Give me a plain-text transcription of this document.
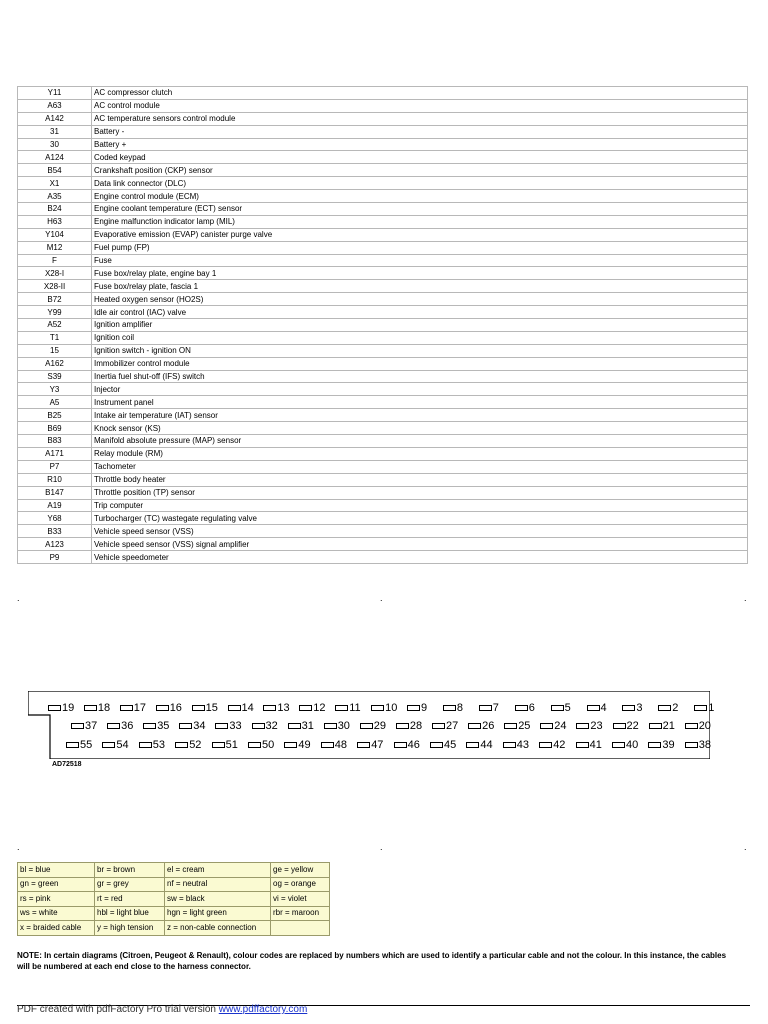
Y11	AC compressor clutch
A63	AC control module
A142	AC temperature sensors control module
31	Battery -
30	Battery +
A124	Coded keypad
B54	Crankshaft position (CKP) sensor
X1	Data link connector (DLC)
A35	Engine control module (ECM)
B24	Engine coolant temperature (ECT) sensor
H63	Engine malfunction indicator lamp (MIL)
Y104	Evaporative emission (EVAP) canister purge valve
M12	Fuel pump (FP)
F	Fuse
X28-I	Fuse box/relay plate, engine bay 1
X28-II	Fuse box/relay plate, fascia 1
B72	Heated oxygen sensor (HO2S)
Y99	Idle air control (IAC) valve
A52	Ignition amplifier
T1	Ignition coil
15	Ignition switch - ignition ON
A162	Immobilizer control module
S39	Inertia fuel shut-off (IFS) switch
Y3	Injector
A5	Instrument panel
B25	Intake air temperature (IAT) sensor
B69	Knock sensor (KS)
B83	Manifold absolute pressure (MAP) sensor
A171	Relay module (RM)
P7	Tachometer
R10	Throttle body heater
B147	Throttle position (TP) sensor
A19	Trip computer
Y68	Turbocharger (TC) wastegate regulating valve
B33	Vehicle speed sensor (VSS)
A123	Vehicle speed sensor (VSS) signal amplifier
P9	Vehicle speedometer
.	.	.
19 18 17 16 15 14 13 12 11 10 9	8	7	6	5	4	3	2	1
37 36 35 34 33 32 31 30 29 28 27 26 25 24 23 22 21 20
55 54 53 52 51 50 49 48 47 46 45 44 43 42 41 40 39 38
AD72518
.	.	.
bl = blue	br = brown	el = cream	ge = yellow
gn = green	gr = grey	nf = neutral	og = orange
rs = pink	rt = red	sw = black	vi = violet
ws = white	hbl = light blue	hgn = light green	rbr = maroon
x = braided cable	y = high tension	z = non-cable connection	
NOTE: In certain diagrams (Citroen, Peugeot & Renault), colour codes are replaced by numbers which are used to identify a particular cable and not the colour. In this instance, the cables will be numbered at each end close to the harness connector.
PDF created with pdfFactory Pro trial version www.pdffactory.com
